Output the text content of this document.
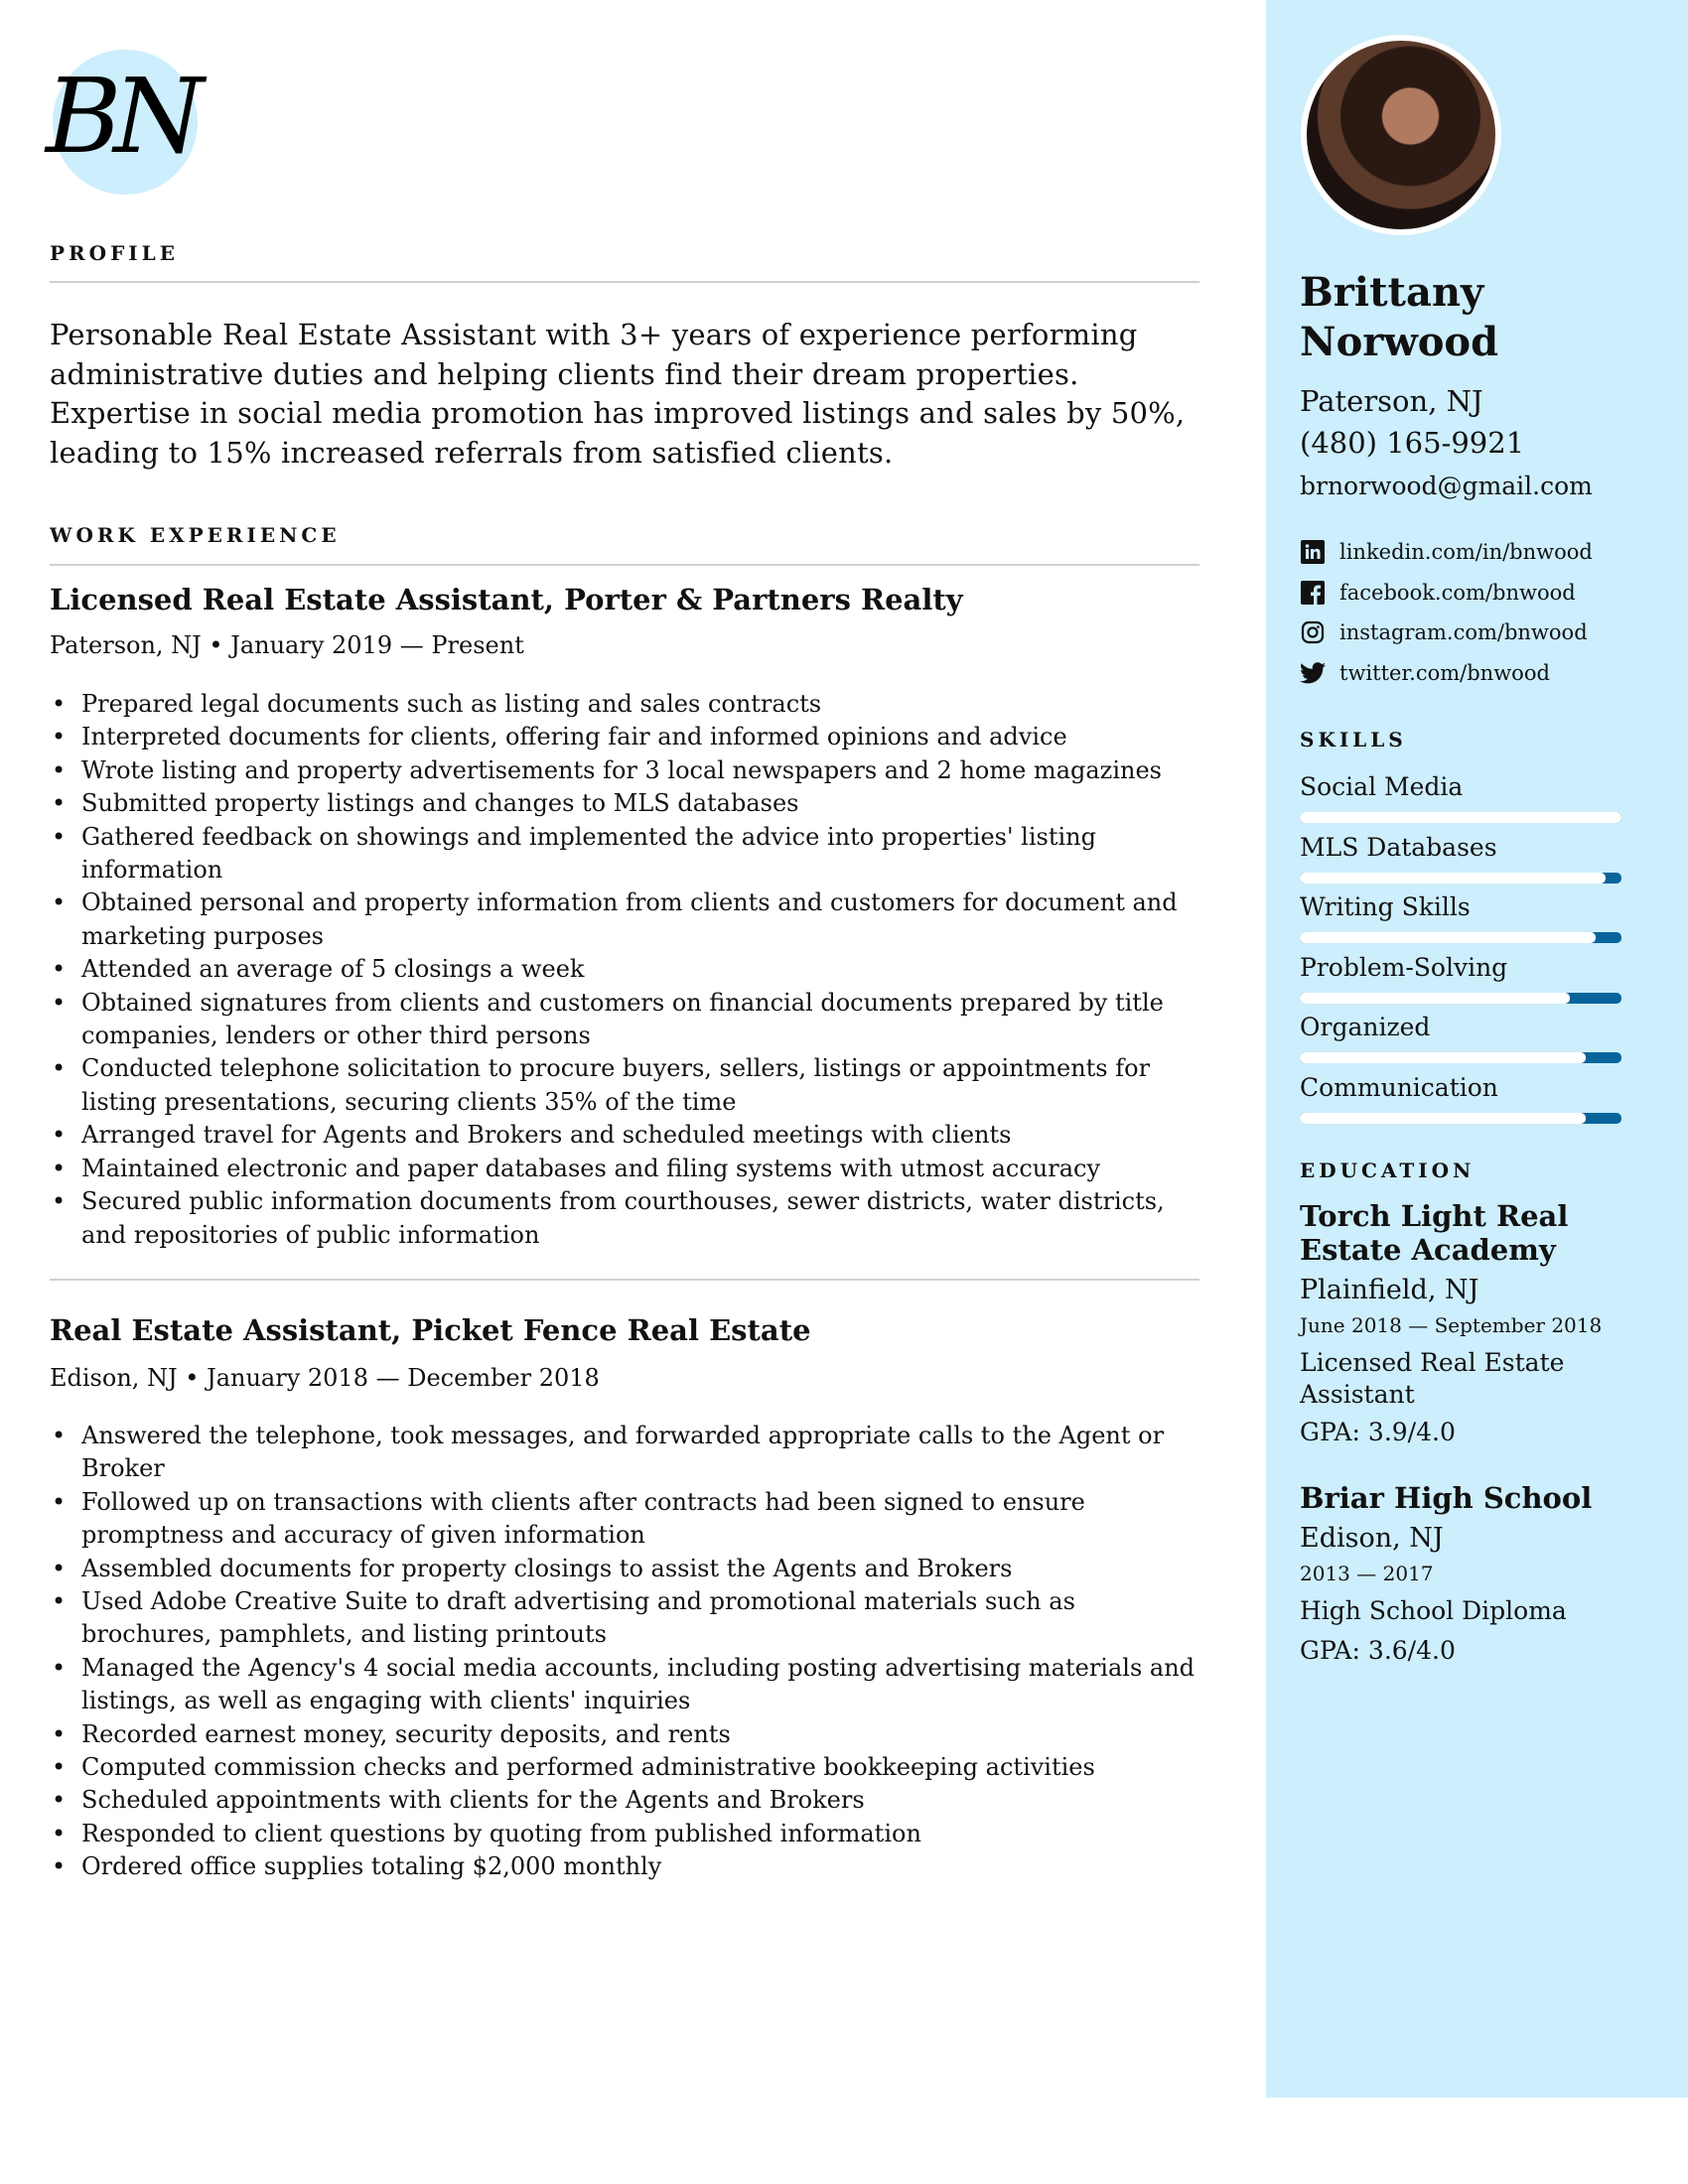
BN
PROFILE
Personable Real Estate Assistant with 3+ years of experience performing administrative duties and helping clients find their dream properties. Expertise in social media promotion has improved listings and sales by 50%, leading to 15% increased referrals from satisfied clients.
WORK EXPERIENCE
Licensed Real Estate Assistant, Porter & Partners Realty
Paterson, NJ • January 2019 — Present
• Prepared legal documents such as listing and sales contracts
• Interpreted documents for clients, offering fair and informed opinions and advice
• Wrote listing and property advertisements for 3 local newspapers and 2 home magazines
• Submitted property listings and changes to MLS databases
• Gathered feedback on showings and implemented the advice into properties' listing information
• Obtained personal and property information from clients and customers for document and marketing purposes
• Attended an average of 5 closings a week
• Obtained signatures from clients and customers on financial documents prepared by title companies, lenders or other third persons
• Conducted telephone solicitation to procure buyers, sellers, listings or appointments for listing presentations, securing clients 35% of the time
• Arranged travel for Agents and Brokers and scheduled meetings with clients
• Maintained electronic and paper databases and filing systems with utmost accuracy
• Secured public information documents from courthouses, sewer districts, water districts, and repositories of public information
Real Estate Assistant, Picket Fence Real Estate
Edison, NJ • January 2018 — December 2018
• Answered the telephone, took messages, and forwarded appropriate calls to the Agent or Broker
• Followed up on transactions with clients after contracts had been signed to ensure promptness and accuracy of given information
• Assembled documents for property closings to assist the Agents and Brokers
• Used Adobe Creative Suite to draft advertising and promotional materials such as brochures, pamphlets, and listing printouts
• Managed the Agency's 4 social media accounts, including posting advertising materials and listings, as well as engaging with clients' inquiries
• Recorded earnest money, security deposits, and rents
• Computed commission checks and performed administrative bookkeeping activities
• Scheduled appointments with clients for the Agents and Brokers
• Responded to client questions by quoting from published information
• Ordered office supplies totaling $2,000 monthly
Brittany
Norwood
Paterson, NJ
(480) 165-9921
brnorwood@gmail.com
linkedin.com/in/bnwood
facebook.com/bnwood
instagram.com/bnwood
twitter.com/bnwood
SKILLS
Social Media
MLS Databases
Writing Skills
Problem-Solving
Organized
Communication
EDUCATION
Torch Light Real Estate Academy
Plainfield, NJ
June 2018 — September 2018
Licensed Real Estate Assistant
GPA: 3.9/4.0
Briar High School
Edison, NJ
2013 — 2017
High School Diploma
GPA: 3.6/4.0
